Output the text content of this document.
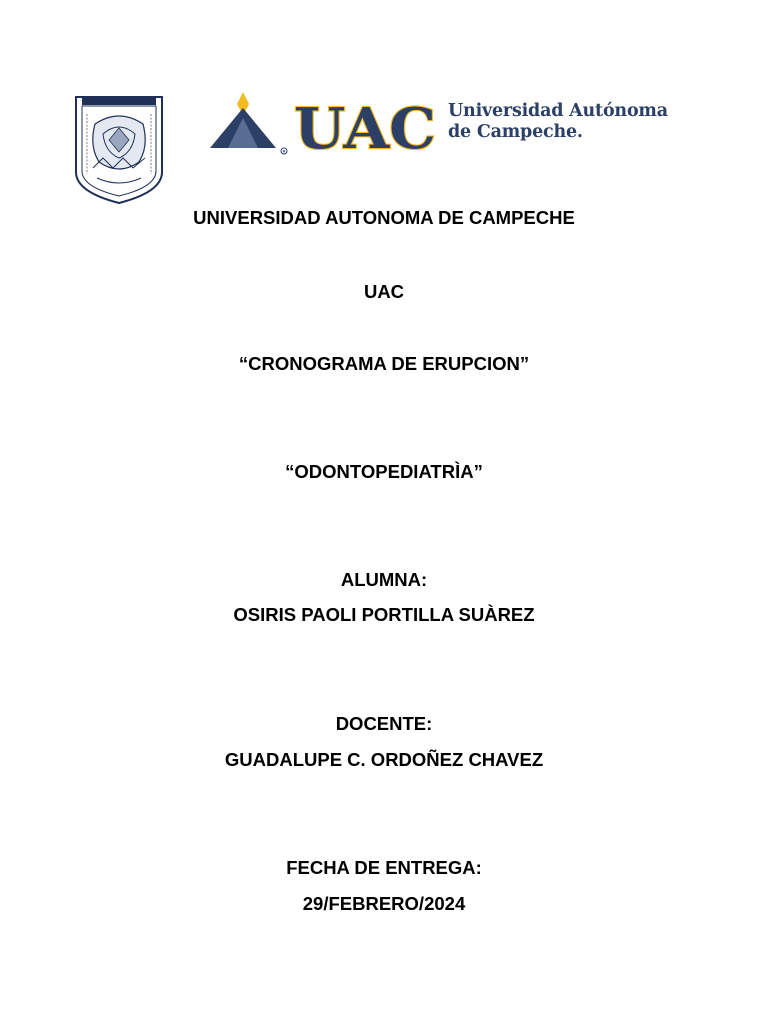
R UAC Universidad Autónoma
de Campeche.
UNIVERSIDAD AUTONOMA DE CAMPECHE
UAC
“CRONOGRAMA DE ERUPCION”
“ODONTOPEDIATRÌA”
ALUMNA:
OSIRIS PAOLI PORTILLA SUÀREZ
DOCENTE:
GUADALUPE C. ORDOÑEZ CHAVEZ
FECHA DE ENTREGA:
29/FEBRERO/2024
